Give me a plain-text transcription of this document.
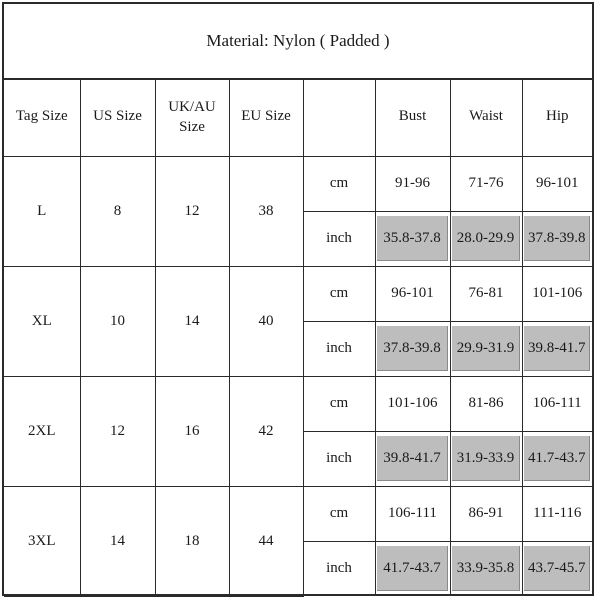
Material: Nylon ( Padded )
Tag Size	US Size	UK/AU Size	EU Size		Bust	Waist	Hip
L	8	12	38	cm	91-96	71-76	96-101
				inch	35.8-37.8	28.0-29.9	37.8-39.8
XL	10	14	40	cm	96-101	76-81	101-106
				inch	37.8-39.8	29.9-31.9	39.8-41.7
2XL	12	16	42	cm	101-106	81-86	106-111
				inch	39.8-41.7	31.9-33.9	41.7-43.7
3XL	14	18	44	cm	106-111	86-91	111-116
				inch	41.7-43.7	33.9-35.8	43.7-45.7
